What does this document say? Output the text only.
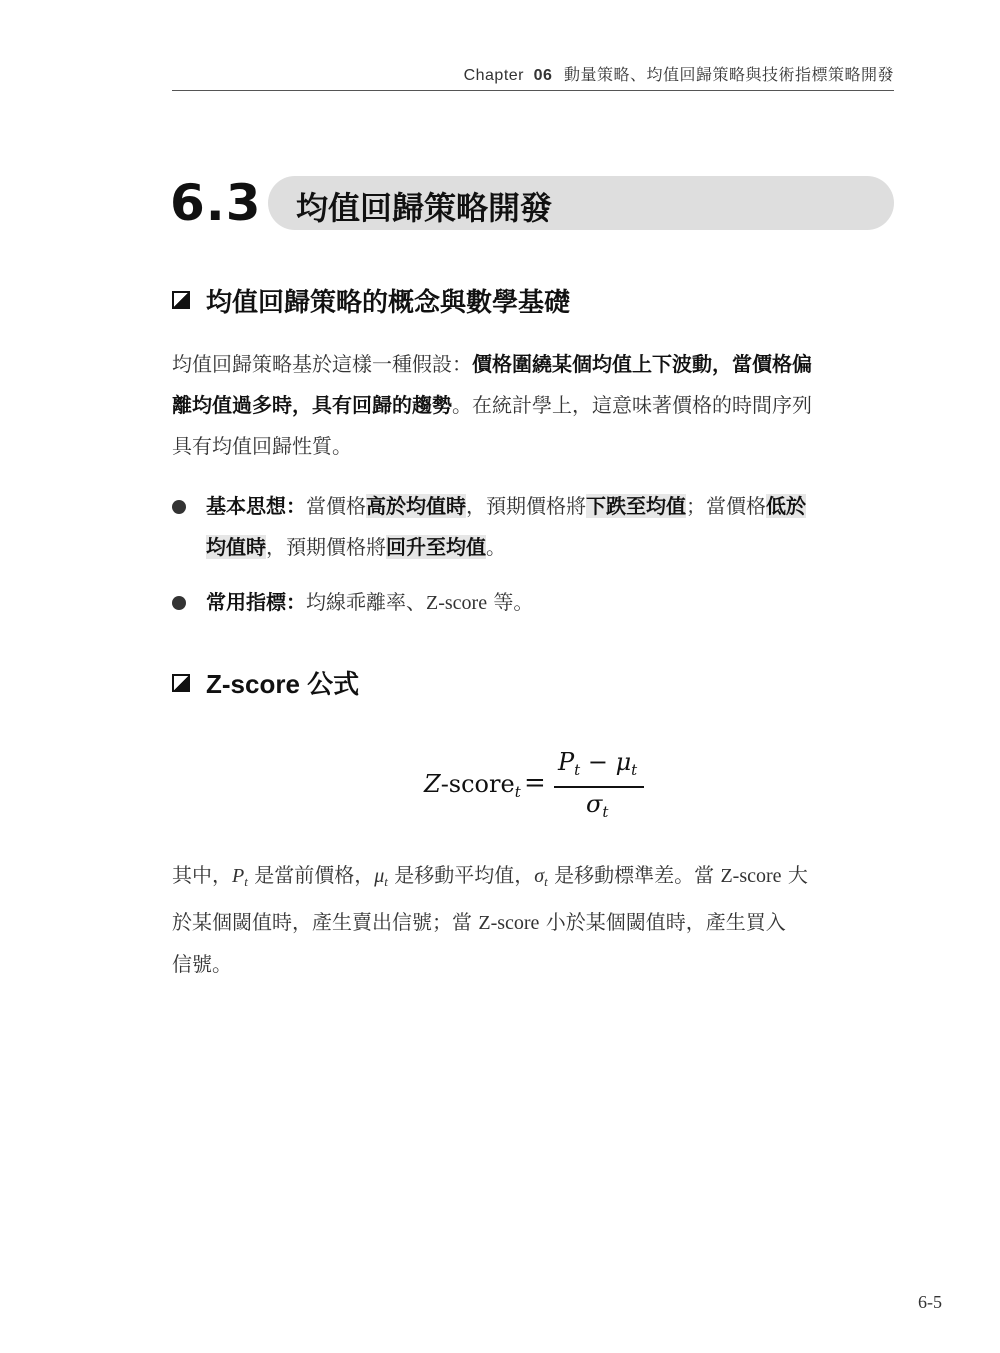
Chapter 06 動量策略、均值回歸策略與技術指標策略開發
6.3 均值回歸策略開發
均值回歸策略的概念與數學基礎
均值回歸策略基於這樣一種假設：價格圍繞某個均值上下波動，當價格偏
離均值過多時，具有回歸的趨勢。在統計學上，這意味著價格的時間序列
具有均值回歸性質。
基本思想：當價格高於均值時，預期價格將下跌至均值；當價格低於
均值時，預期價格將回升至均值。
常用指標：均線乖離率、Z-score 等。
Z-score 公式
Z-score$_t$ =
$P_t - \mu_t$
$\sigma_t$
其中，$P_t$ 是當前價格，$\mu_t$ 是移動平均值，$\sigma_t$ 是移動標準差。當 Z-score 大
於某個閾值時，產生賣出信號；當 Z-score 小於某個閾值時，產生買入
信號。
6-5
